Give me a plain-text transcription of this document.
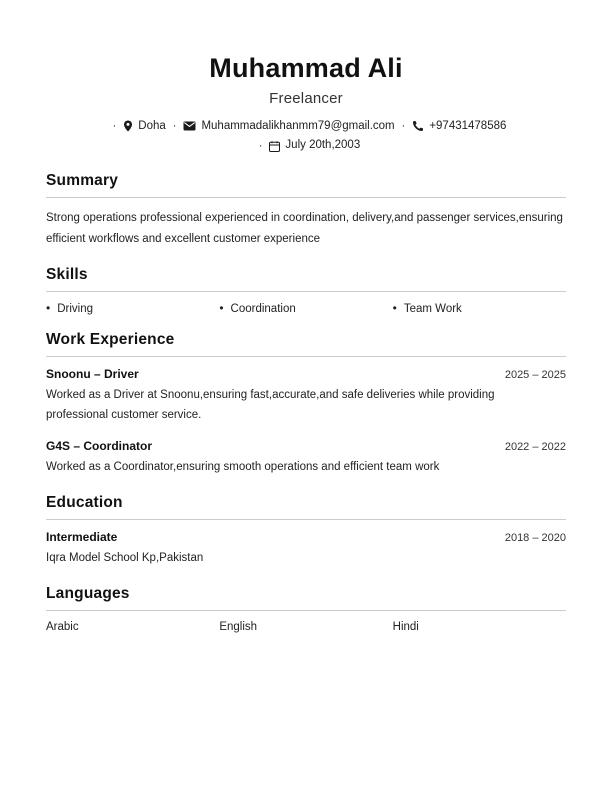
Muhammad Ali
Freelancer
· Doha · Muhammadalikhanmm79@gmail.com · +97431478586
· July 20th,2003
Summary

Strong operations professional experienced in coordination, delivery,and passenger services,ensuring efficient workflows and excellent customer experience

Skills
• Driving	• Coordination	• Team Work
Work Experience
Snoonu – Driver	2025 – 2025
Worked as a Driver at Snoonu,ensuring fast,accurate,and safe deliveries while providing professional customer service.
G4S – Coordinator	2022 – 2022
Worked as a Coordinator,ensuring smooth operations and efficient team work
Education
Intermediate	2018 – 2020
Iqra Model School Kp,Pakistan
Languages
Arabic	English	Hindi
